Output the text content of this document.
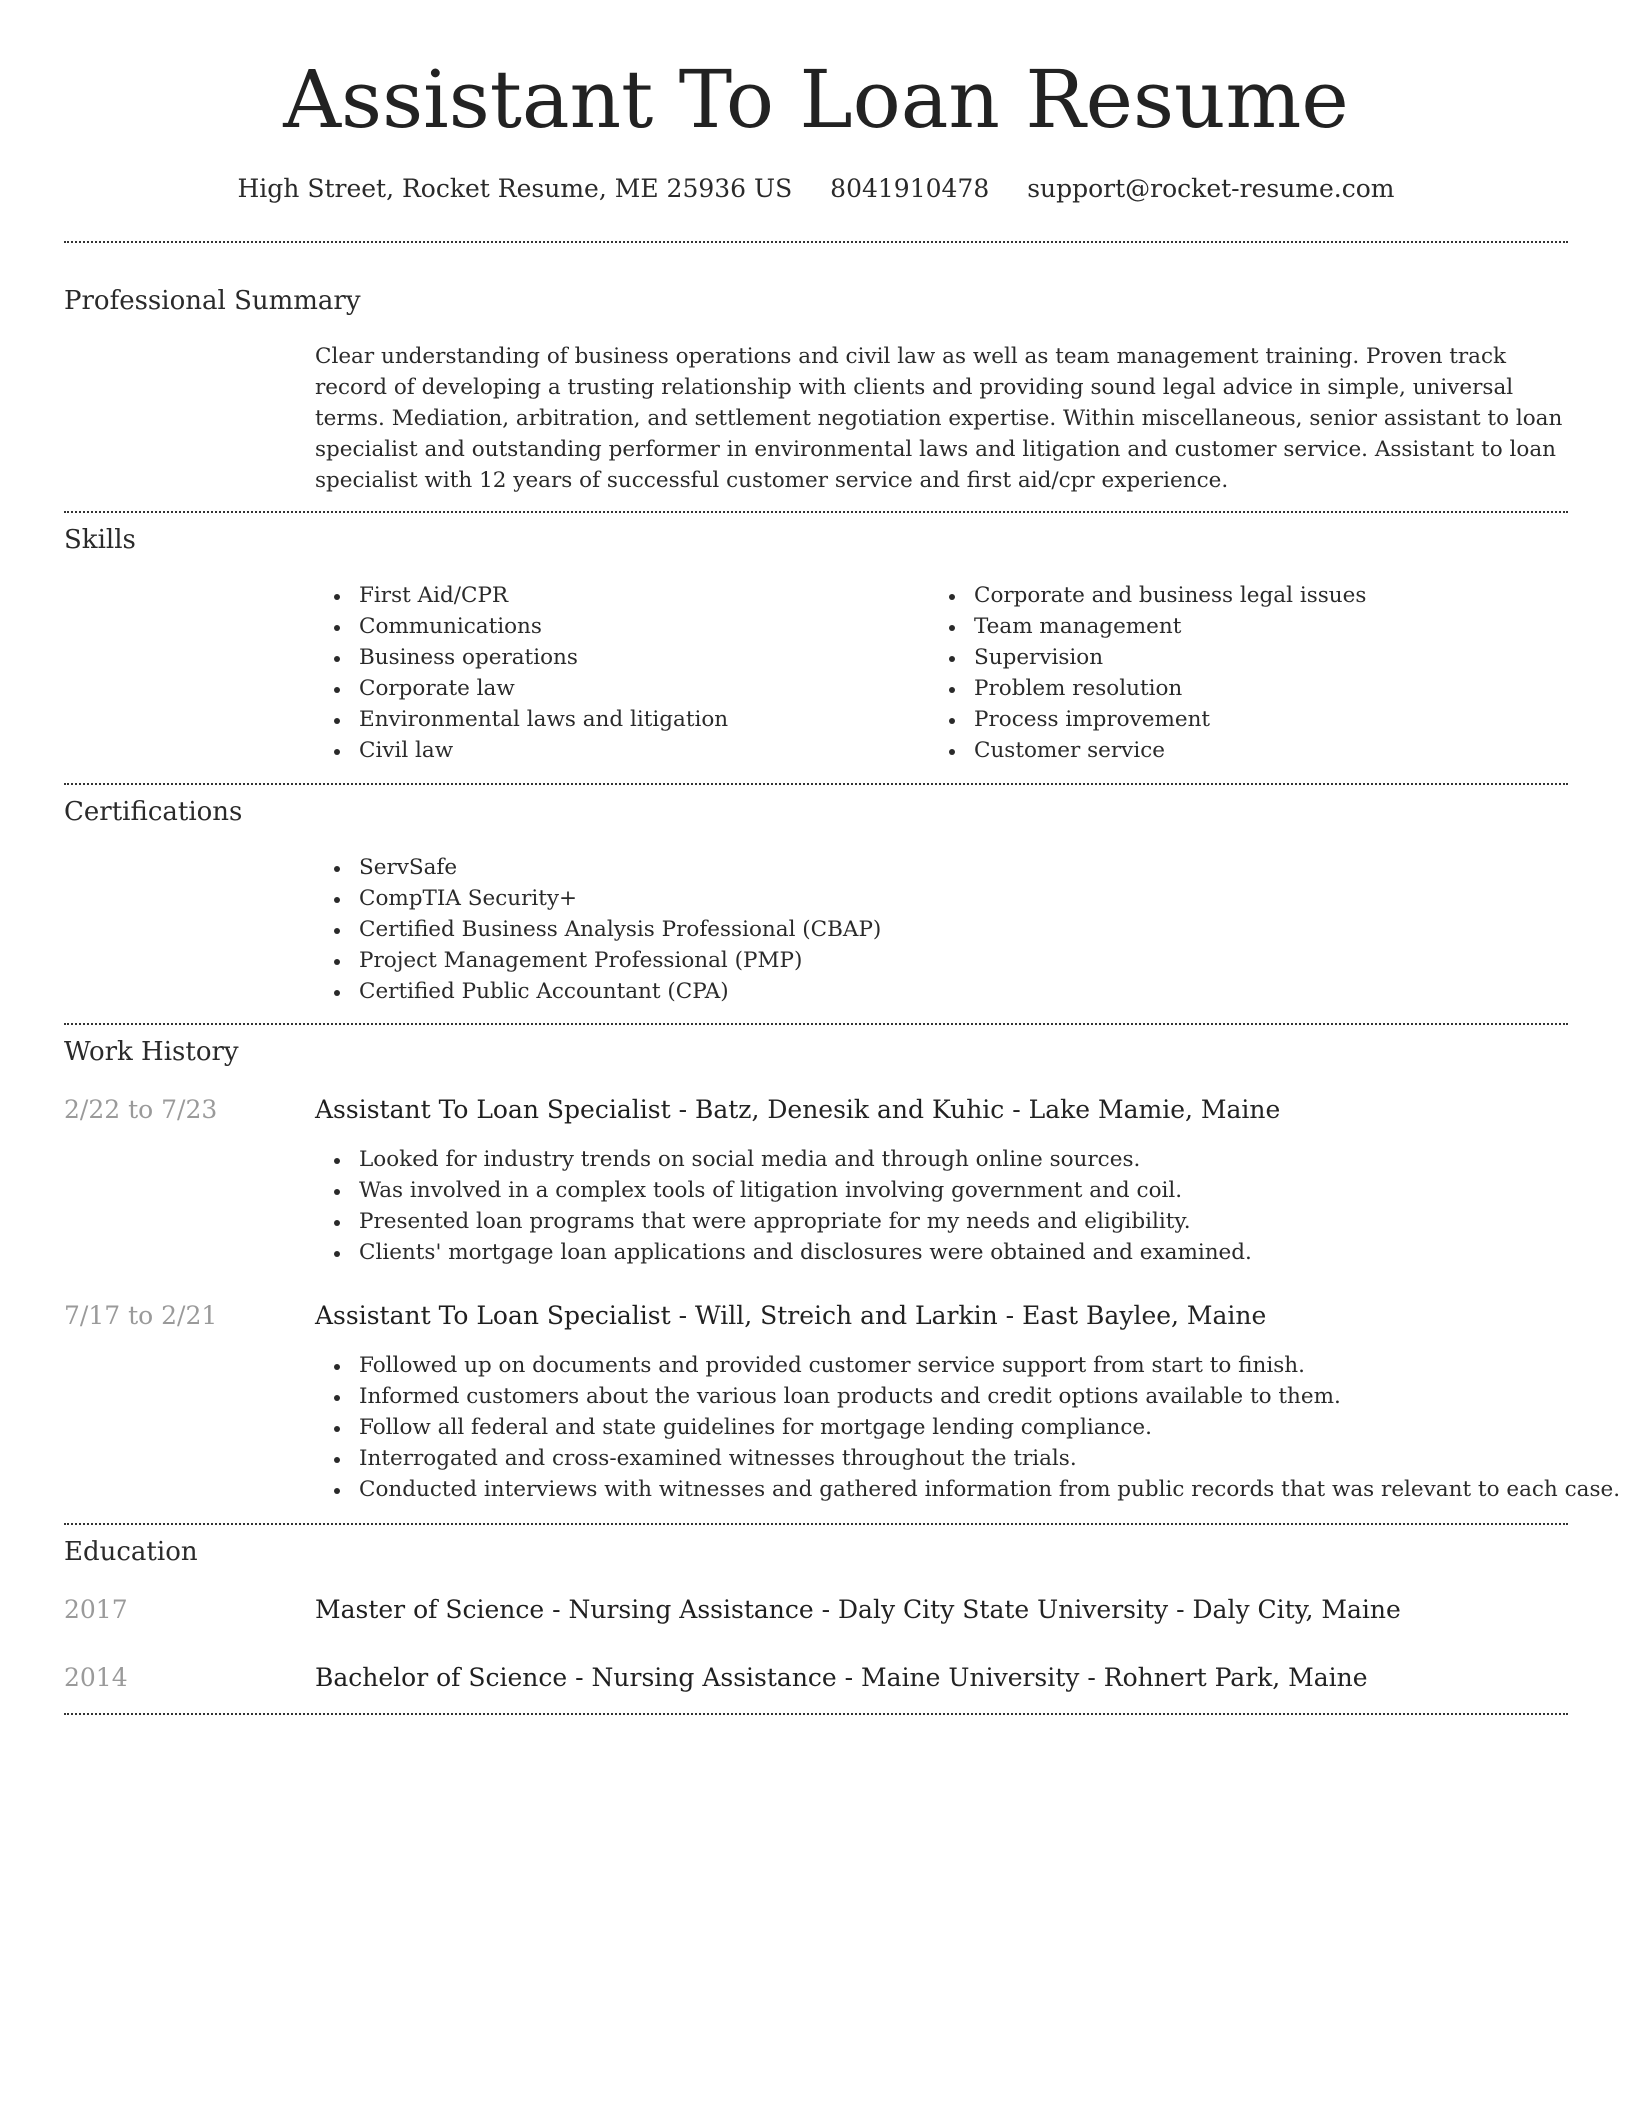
Assistant To Loan Resume
High Street, Rocket Resume, ME 25936 US 8041910478 support@rocket-resume.com
Professional Summary

Clear understanding of business operations and civil law as well as team management training. Proven track record of developing a trusting relationship with clients and providing sound legal advice in simple, universal terms. Mediation, arbitration, and settlement negotiation expertise. Within miscellaneous, senior assistant to loan specialist and outstanding performer in environmental laws and litigation and customer service. Assistant to loan specialist with 12 years of successful customer service and first aid/cpr experience.

Skills
First Aid/CPR
Communications
Business operations
Corporate law
Environmental laws and litigation
Civil law
Corporate and business legal issues
Team management
Supervision
Problem resolution
Process improvement
Customer service
Certifications
ServSafe
CompTIA Security+
Certified Business Analysis Professional (CBAP)
Project Management Professional (PMP)
Certified Public Accountant (CPA)
Work History
2/22 to 7/23	Assistant To Loan Specialist - Batz, Denesik and Kuhic - Lake Mamie, Maine
Looked for industry trends on social media and through online sources.
Was involved in a complex tools of litigation involving government and coil.
Presented loan programs that were appropriate for my needs and eligibility.
Clients' mortgage loan applications and disclosures were obtained and examined.
7/17 to 2/21	Assistant To Loan Specialist - Will, Streich and Larkin - East Baylee, Maine
Followed up on documents and provided customer service support from start to finish.
Informed customers about the various loan products and credit options available to them.
Follow all federal and state guidelines for mortgage lending compliance.
Interrogated and cross-examined witnesses throughout the trials.
Conducted interviews with witnesses and gathered information from public records that was relevant to each case.
Education
2017	Master of Science - Nursing Assistance - Daly City State University - Daly City, Maine
2014	Bachelor of Science - Nursing Assistance - Maine University - Rohnert Park, Maine
